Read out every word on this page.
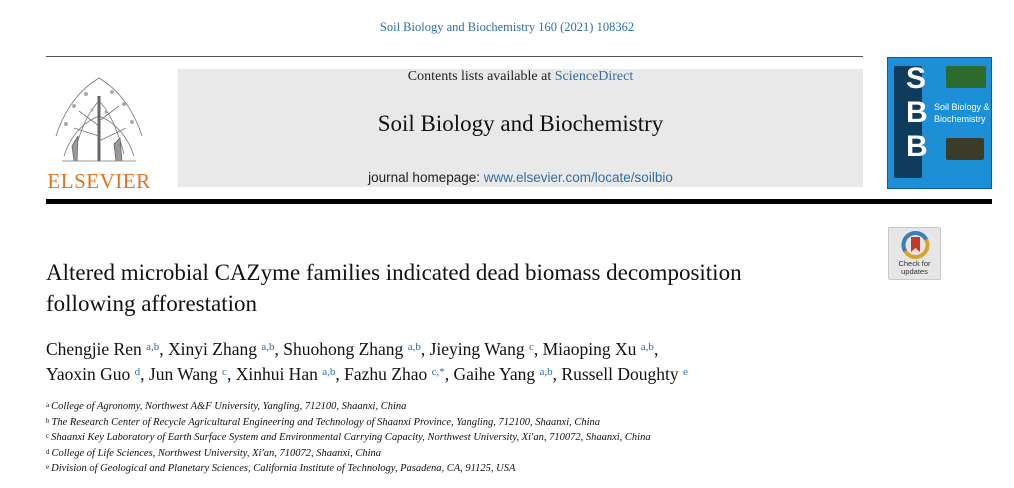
Soil Biology and Biochemistry 160 (2021) 108362
ELSEVIER
Contents lists available at ScienceDirect
Soil Biology and Biochemistry
journal homepage: www.elsevier.com/locate/soilbio
S
B
B
Soil Biology &
Biochemistry
Altered microbial CAZyme families indicated dead biomass decomposition
following afforestation
Check for
updates
Chengjie Ren $^{a,b}$, Xinyi Zhang $^{a,b}$, Shuohong Zhang $^{a,b}$, Jieying Wang $^c$, Miaoping Xu $^{a,b}$,
Yaoxin Guo $^d$, Jun Wang $^c$, Xinhui Han $^{a,b}$, Fazhu Zhao $^{c,*}$, Gaihe Yang $^{a,b}$, Russell Doughty $^e$
$^a$ College of Agronomy, Northwest A&F University, Yangling, 712100, Shaanxi, China
$^b$ The Research Center of Recycle Agricultural Engineering and Technology of Shaanxi Province, Yangling, 712100, Shaanxi, China
$^c$ Shaanxi Key Laboratory of Earth Surface System and Environmental Carrying Capacity, Northwest University, Xi′an, 710072, Shaanxi, China
$^d$ College of Life Sciences, Northwest University, Xi′an, 710072, Shaanxi, China
$^e$ Division of Geological and Planetary Sciences, California Institute of Technology, Pasadena, CA, 91125, USA
